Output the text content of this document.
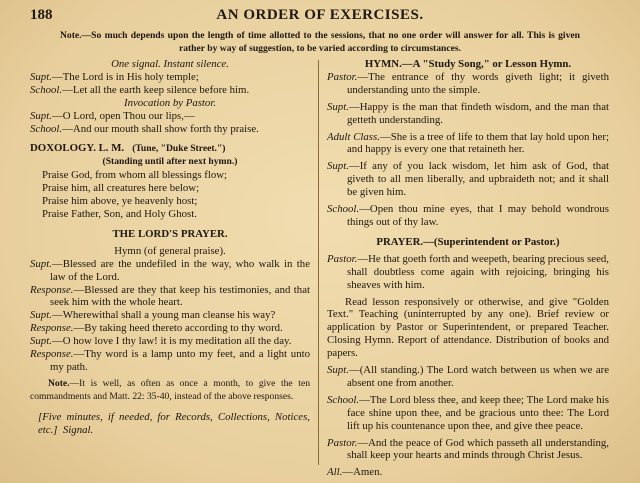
188	AN ORDER OF EXERCISES.

Note.—So much depends upon the length of time allotted to the sessions, that no one order will answer for all. This is given rather by way of suggestion, to be varied according to circumstances.

One signal. Instant silence.

Supt.—The Lord is in His holy temple;

School.—Let all the earth keep silence before him.

Invocation by Pastor.

Supt.—O Lord, open Thou our lips,—

School.—And our mouth shall show forth thy praise.

DOXOLOGY. L. M. (Tune, "Duke Street.")

(Standing until after next hymn.)

Praise God, from whom all blessings flow;

Praise him, all creatures here below;

Praise him above, ye heavenly host;

Praise Father, Son, and Holy Ghost.

THE LORD'S PRAYER.

Hymn (of general praise).

Supt.—Blessed are the undefiled in the way, who walk in the law of the Lord.

Response.—Blessed are they that keep his testimonies, and that seek him with the whole heart.

Supt.—Wherewithal shall a young man cleanse his way?

Response.—By taking heed thereto according to thy word.

Supt.—O how love I thy law! it is my meditation all the day.

Response.—Thy word is a lamp unto my feet, and a light unto my path.

Note.—It is well, as often as once a month, to give the ten commandments and Matt. 22: 35-40, instead of the above responses.

[Five minutes, if needed, for Records, Collections, Notices, etc.] Signal.

HYMN.—A "Study Song," or Lesson Hymn.

Pastor.—The entrance of thy words giveth light; it giveth understanding unto the simple.

Supt.—Happy is the man that findeth wisdom, and the man that getteth understanding.

Adult Class.—She is a tree of life to them that lay hold upon her; and happy is every one that retaineth her.

Supt.—If any of you lack wisdom, let him ask of God, that giveth to all men liberally, and upbraideth not; and it shall be given him.

School.—Open thou mine eyes, that I may behold wondrous things out of thy law.

PRAYER.—(Superintendent or Pastor.)

Pastor.—He that goeth forth and weepeth, bearing precious seed, shall doubtless come again with rejoicing, bringing his sheaves with him.

Read lesson responsively or otherwise, and give "Golden Text." Teaching (uninterrupted by any one). Brief review or application by Pastor or Superintendent, or prepared Teacher. Closing Hymn. Report of attendance. Distribution of books and papers.

Supt.—(All standing.) The Lord watch between us when we are absent one from another.

School.—The Lord bless thee, and keep thee; The Lord make his face shine upon thee, and be gracious unto thee: The Lord lift up his countenance upon thee, and give thee peace.

Pastor.—And the peace of God which passeth all understanding, shall keep your hearts and minds through Christ Jesus.

All.—Amen.
